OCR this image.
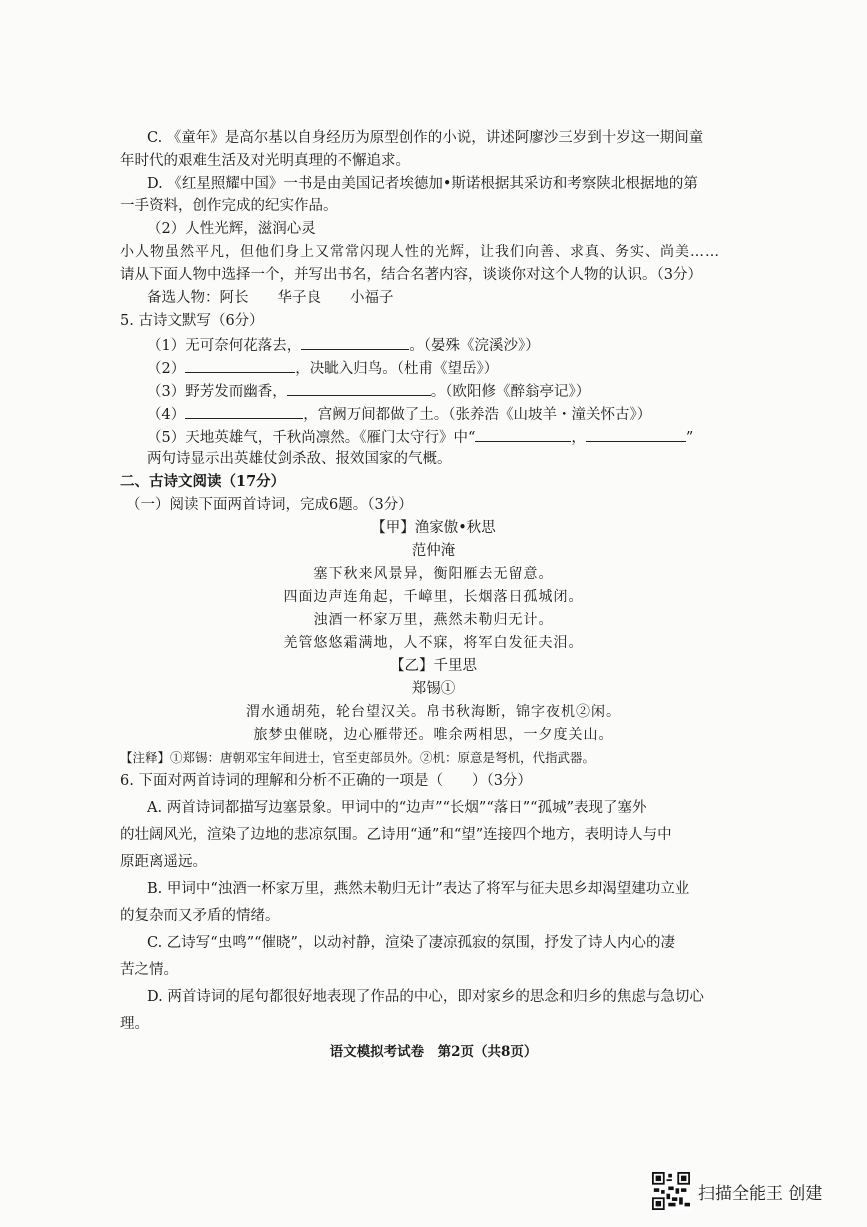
C. 《童年》是高尔基以自身经历为原型创作的小说，讲述阿廖沙三岁到十岁这一期间童
年时代的艰难生活及对光明真理的不懈追求。
D. 《红星照耀中国》一书是由美国记者埃德加•斯诺根据其采访和考察陕北根据地的第
一手资料，创作完成的纪实作品。
（2）人性光辉，滋润心灵
小人物虽然平凡，但他们身上又常常闪现人性的光辉，让我们向善、求真、务实、尚美……
请从下面人物中选择一个，并写出书名，结合名著内容，谈谈你对这个人物的认识。（3分）
备选人物：阿长　　华子良　　小福子
5. 古诗文默写（6分）
（1）无可奈何花落去，	。（晏殊《浣溪沙》）
（2）	，决眦入归鸟。（杜甫《望岳》）
（3）野芳发而幽香，	。（欧阳修《醉翁亭记》）
（4）	，宫阙万间都做了土。（张养浩《山坡羊・潼关怀古》）
（5）天地英雄气，千秋尚凛然。《雁门太守行》中“	，	”
两句诗显示出英雄仗剑杀敌、报效国家的气概。
二、古诗文阅读（17分）
（一）阅读下面两首诗词，完成6题。（3分）
【甲】渔家傲•秋思
范仲淹
塞下秋来风景异，衡阳雁去无留意。
四面边声连角起，千嶂里，长烟落日孤城闭。
浊酒一杯家万里，燕然未勒归无计。
羌管悠悠霜满地，人不寐，将军白发征夫泪。
【乙】千里思
郑锡①
渭水通胡苑，轮台望汉关。帛书秋海断，锦字夜机②闲。
旅梦虫催晓，边心雁带还。唯余两相思，一夕度关山。
【注释】①郑锡：唐朝邓宝年间进士，官至吏部员外。②机：原意是弩机，代指武器。
6. 下面对两首诗词的理解和分析不正确的一项是（　　）（3分）
A. 两首诗词都描写边塞景象。甲词中的“边声”“长烟”“落日”“孤城”表现了塞外
的壮阔风光，渲染了边地的悲凉氛围。乙诗用“通”和“望”连接四个地方，表明诗人与中
原距离遥远。
B. 甲词中“浊酒一杯家万里，燕然未勒归无计”表达了将军与征夫思乡却渴望建功立业
的复杂而又矛盾的情绪。
C. 乙诗写“虫鸣”“催晓”，以动衬静，渲染了凄凉孤寂的氛围，抒发了诗人内心的凄
苦之情。
D. 两首诗词的尾句都很好地表现了作品的中心，即对家乡的思念和归乡的焦虑与急切心
理。
语文模拟考试卷　第2页（共8页）
扫描全能王 创建
